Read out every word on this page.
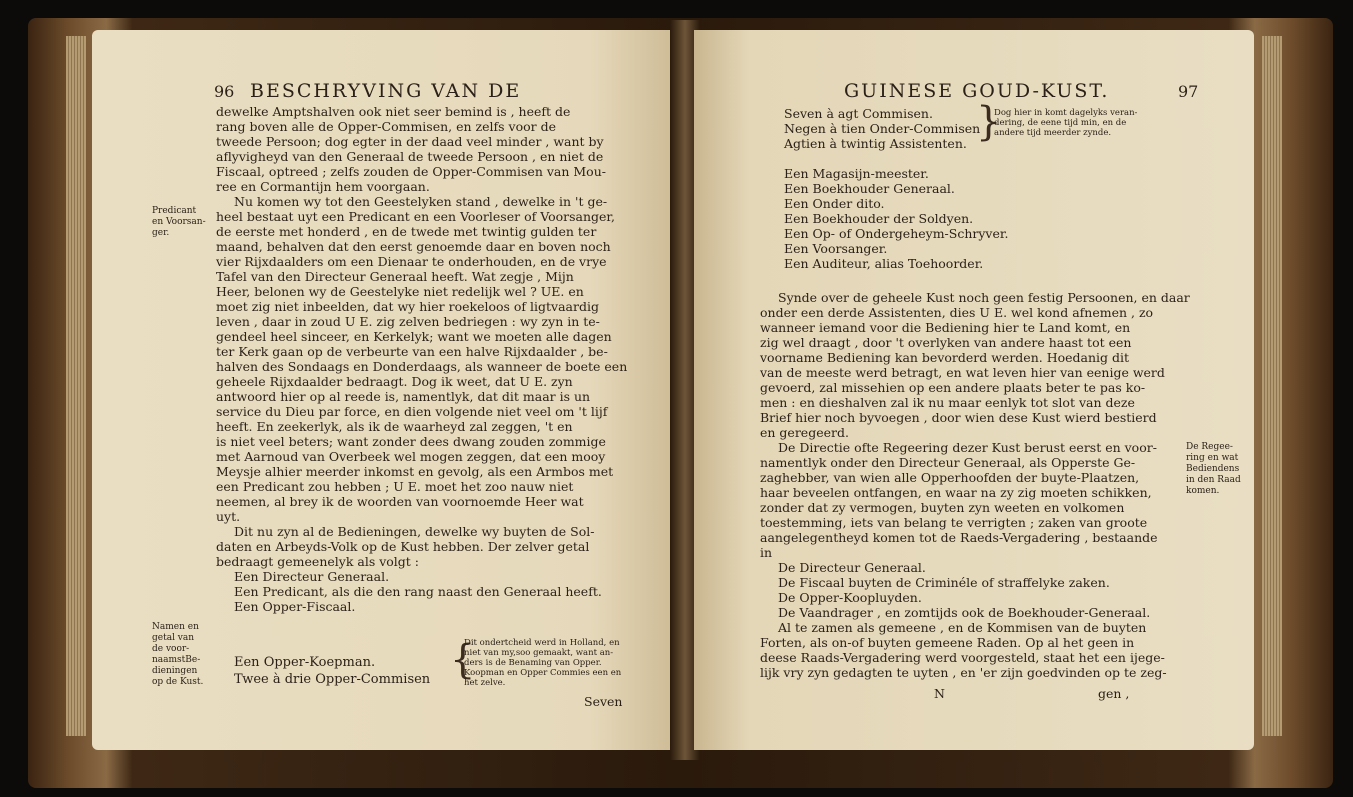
96 BESCHRYVING VAN DE

dewelke Amptshalven ook niet seer bemind is , heeft de

rang boven alle de Opper-Commisen, en zelfs voor de

tweede Persoon; dog egter in der daad veel minder , want by

aflyvigheyd van den Generaal de tweede Persoon , en niet de

Fiscaal, optreed ; zelfs zouden de Opper-Commisen van Mou-

ree en Cormantijn hem voorgaan.

Nu komen wy tot den Geestelyken stand , dewelke in 't ge-

heel bestaat uyt een Predicant en een Voorleser of Voorsanger,

de eerste met honderd , en de twede met twintig gulden ter

maand, behalven dat den eerst genoemde daar en boven noch

vier Rijxdaalders om een Dienaar te onderhouden, en de vrye

Tafel van den Directeur Generaal heeft. Wat zegje , Mijn

Heer, belonen wy de Geestelyke niet redelijk wel ? UE. en

moet zig niet inbeelden, dat wy hier roekeloos of ligtvaardig

leven , daar in zoud U E. zig zelven bedriegen : wy zyn in te-

gendeel heel sinceer, en Kerkelyk; want we moeten alle dagen

ter Kerk gaan op de verbeurte van een halve Rijxdaalder , be-

halven des Sondaags en Donderdaags, als wanneer de boete een

geheele Rijxdaalder bedraagt. Dog ik weet, dat U E. zyn

antwoord hier op al reede is, namentlyk, dat dit maar is un

service du Dieu par force, en dien volgende niet veel om 't lijf

heeft. En zeekerlyk, als ik de waarheyd zal zeggen, 't en

is niet veel beters; want zonder dees dwang zouden zommige

met Aarnoud van Overbeek wel mogen zeggen, dat een mooy

Meysje alhier meerder inkomst en gevolg, als een Armbos met

een Predicant zou hebben ; U E. moet het zoo nauw niet

neemen, al brey ik de woorden van voornoemde Heer wat

uyt.

Dit nu zyn al de Bedieningen, dewelke wy buyten de Sol-

daten en Arbeyds-Volk op de Kust hebben. Der zelver getal

bedraagt gemeenelyk als volgt :

Een Directeur Generaal.

Een Predicant, als die den rang naast den Generaal heeft.

Een Opper-Fiscaal.

Predicant
en Voorsan-
ger.
Namen en
getal van
de voor-
naamstBe-
dieningen
op de Kust.

Een Opper-Koepman.

Twee à drie Opper-Commisen {
Dit ondertcheid werd in Holland, en
niet van my,soo gemaakt, want an-
ders is de Benaming van Opper.
Koopman en Opper Commies een en
het zelve.
Seven
GUINESE GOUD-KUST.	97

Seven à agt Commisen.

Negen à tien Onder-Commisen

Agtien à twintig Assistenten. }
Dog hier in komt dagelyks veran-
dering, de eene tijd min, en de
andere tijd meerder zynde.

Een Magasijn-meester.

Een Boekhouder Generaal.

Een Onder dito.

Een Boekhouder der Soldyen.

Een Op- of Ondergeheym-Schryver.

Een Voorsanger.

Een Auditeur, alias Toehoorder.

Synde over de geheele Kust noch geen festig Persoonen, en daar

onder een derde Assistenten, dies U E. wel kond afnemen , zo

wanneer iemand voor die Bediening hier te Land komt, en

zig wel draagt , door 't overlyken van andere haast tot een

voorname Bediening kan bevorderd werden. Hoedanig dit

van de meeste werd betragt, en wat leven hier van eenige werd

gevoerd, zal missehien op een andere plaats beter te pas ko-

men : en dieshalven zal ik nu maar eenlyk tot slot van deze

Brief hier noch byvoegen , door wien dese Kust wierd bestierd

en geregeerd.

De Directie ofte Regeering dezer Kust berust eerst en voor-

namentlyk onder den Directeur Generaal, als Opperste Ge-

zaghebber, van wien alle Opperhoofden der buyte-Plaatzen,

haar beveelen ontfangen, en waar na zy zig moeten schikken,

zonder dat zy vermogen, buyten zyn weeten en volkomen

toestemming, iets van belang te verrigten ; zaken van groote

aangelegentheyd komen tot de Raeds-Vergadering , bestaande

in

De Directeur Generaal.

De Fiscaal buyten de Criminéle of straffelyke zaken.

De Opper-Koopluyden.

De Vaandrager , en zomtijds ook de Boekhouder-Generaal.

Al te zamen als gemeene , en de Kommisen van de buyten

Forten, als on-of buyten gemeene Raden. Op al het geen in

deese Raads-Vergadering werd voorgesteld, staat het een ijege-

lijk vry zyn gedagten te uyten , en 'er zijn goedvinden op te zeg-

De Regee-
ring en wat
Bediendens
in den Raad
komen.
N	gen ,
